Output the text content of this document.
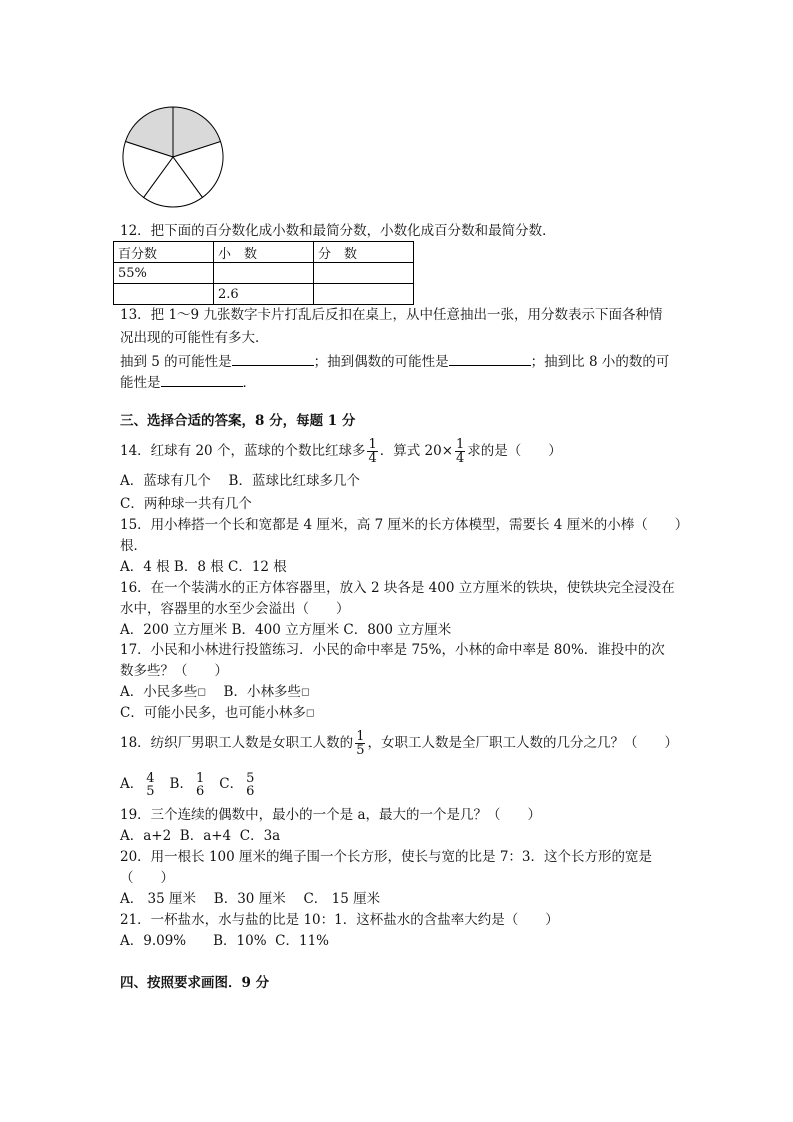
12．把下面的百分数化成小数和最简分数，小数化成百分数和最简分数．
百分数	小　数	分　数
55%		
	2.6	
13．把 1～9 九张数字卡片打乱后反扣在桌上，从中任意抽出一张，用分数表示下面各种情
况出现的可能性有多大．
抽到 5 的可能性是	；抽到偶数的可能性是	；抽到比 8 小的数的可
能性是	．
三、选择合适的答案，8 分，每题 1 分
14．红球有 20 个，蓝球的个数比红球多 $\frac{1}{4}$ ．算式 $20\times \frac{1}{4}$ 求的是（　　）
A．蓝球有几个　 B．蓝球比红球多几个
C．两种球一共有几个
15．用小棒搭一个长和宽都是 4 厘米，高 7 厘米的长方体模型，需要长 4 厘米的小棒（　　）
根．
A．4 根 B．8 根 C．12 根
16．在一个装满水的正方体容器里，放入 2 块各是 400 立方厘米的铁块，使铁块完全浸没在
水中，容器里的水至少会溢出（　　）
A．200 立方厘米 B．400 立方厘米 C．800 立方厘米
17．小民和小林进行投篮练习．小民的命中率是 75%，小林的命中率是 80%．谁投中的次
数多些？（　　）
A．小民多些□　 B．小林多些□
C．可能小民多，也可能小林多□
18．纺织厂男职工人数是女职工人数的 $\frac{1}{5}$ ，女职工人数是全厂职工人数的几分之几？（　　）
A． 4
5 B． 1
6 C． 5
6
19．三个连续的偶数中，最小的一个是 a，最大的一个是几？（　　）
A．a+2  B．a+4  C．3a
20．用一根长 100 厘米的绳子围一个长方形，使长与宽的比是 7：3．这个长方形的宽是
（　　）
A． 35 厘米　 B．30 厘米　 C． 15 厘米
21．一杯盐水，水与盐的比是 10：1．这杯盐水的含盐率大约是（　　）
A．9.09%　　B．10%  C．11%
四、按照要求画图．9 分
